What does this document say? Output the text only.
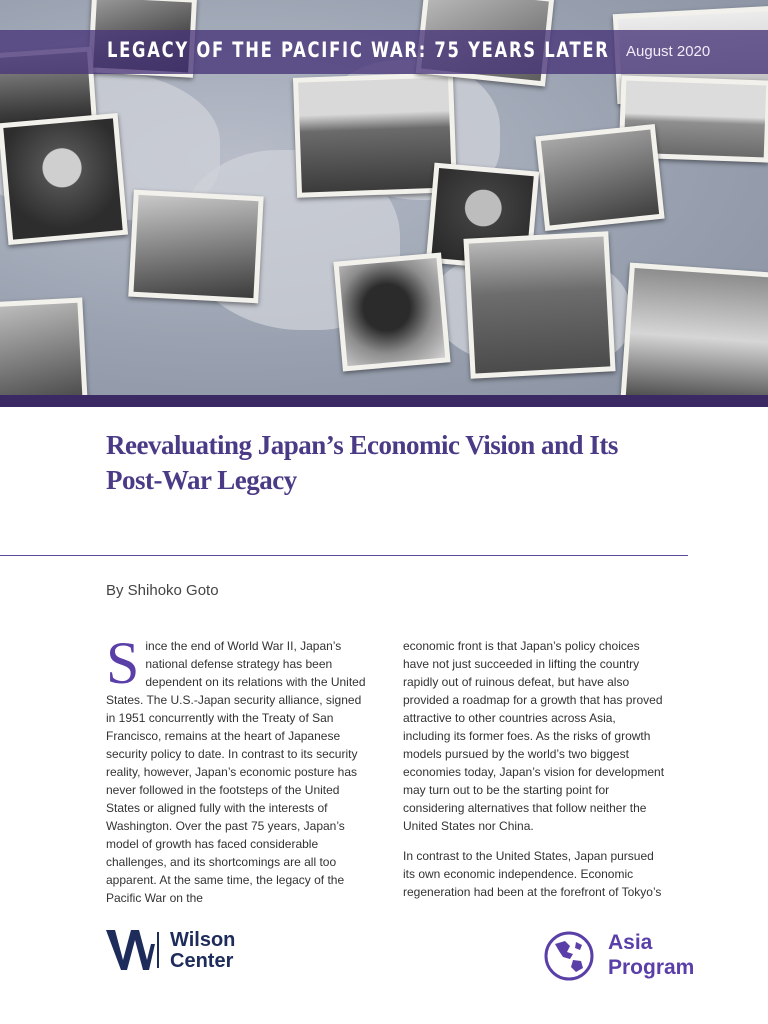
LEGACY OF THE PACIFIC WAR: 75 YEARS LATER August 2020
Reevaluating Japan’s Economic Vision and Its
Post-War Legacy
By Shihoko Goto

Since the end of World War II, Japan’s national defense strategy has been dependent on its relations with the United States. The U.S.-Japan security alliance, signed in 1951 concurrently with the Treaty of San Francisco, remains at the heart of Japanese security policy to date. In contrast to its security reality, however, Japan’s economic posture has never followed in the footsteps of the United States or aligned fully with the interests of Washington. Over the past 75 years, Japan’s model of growth has faced considerable challenges, and its shortcomings are all too apparent. At the same time, the legacy of the Pacific War on the

economic front is that Japan’s policy choices have not just succeeded in lifting the country rapidly out of ruinous defeat, but have also provided a roadmap for a growth that has proved attractive to other countries across Asia, including its former foes. As the risks of growth models pursued by the world’s two biggest economies today, Japan’s vision for development may turn out to be the starting point for considering alternatives that follow neither the United States nor China.

In contrast to the United States, Japan pursued its own economic independence. Economic regeneration had been at the forefront of Tokyo’s

Wilson
Center
Asia
Program
